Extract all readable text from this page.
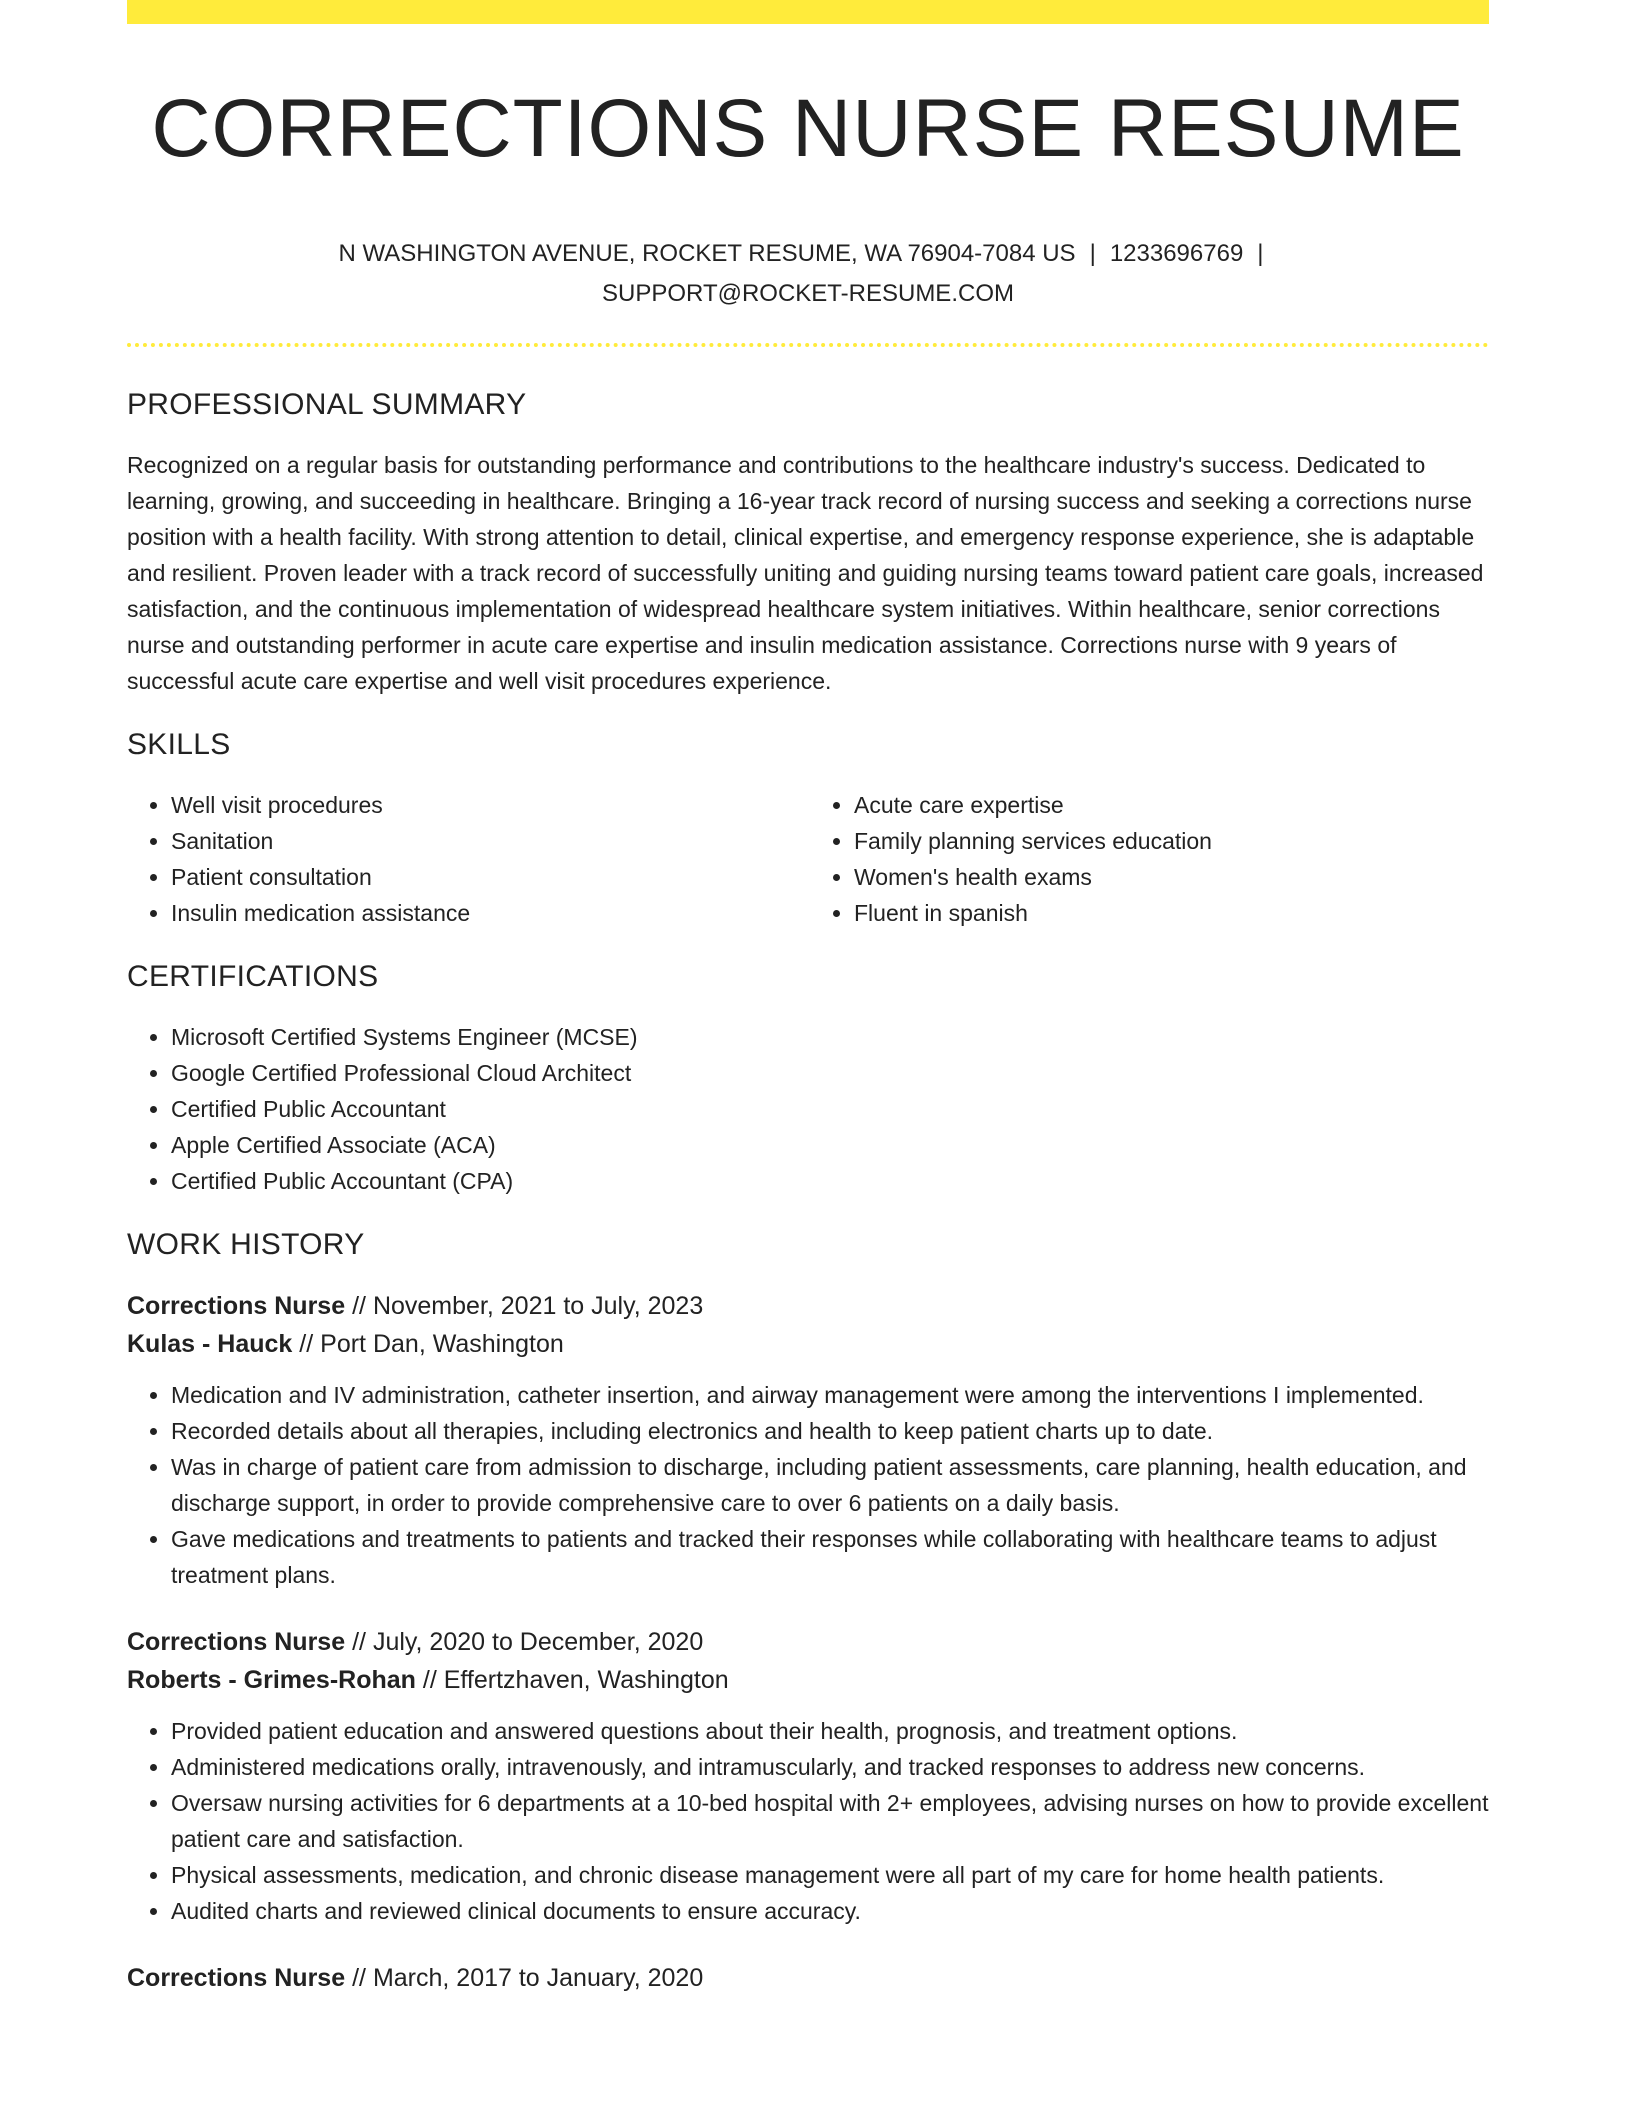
CORRECTIONS NURSE RESUME
N WASHINGTON AVENUE, ROCKET RESUME, WA 76904-7084 US | 1233696769 |
SUPPORT@ROCKET-RESUME.COM
PROFESSIONAL SUMMARY

Recognized on a regular basis for outstanding performance and contributions to the healthcare industry's success. Dedicated to learning, growing, and succeeding in healthcare. Bringing a 16-year track record of nursing success and seeking a corrections nurse position with a health facility. With strong attention to detail, clinical expertise, and emergency response experience, she is adaptable and resilient. Proven leader with a track record of successfully uniting and guiding nursing teams toward patient care goals, increased satisfaction, and the continuous implementation of widespread healthcare system initiatives. Within healthcare, senior corrections nurse and outstanding performer in acute care expertise and insulin medication assistance. Corrections nurse with 9 years of successful acute care expertise and well visit procedures experience.

SKILLS
• Well visit procedures
• Sanitation
• Patient consultation
• Insulin medication assistance
• Acute care expertise
• Family planning services education
• Women's health exams
• Fluent in spanish
CERTIFICATIONS
• Microsoft Certified Systems Engineer (MCSE)
• Google Certified Professional Cloud Architect
• Certified Public Accountant
• Apple Certified Associate (ACA)
• Certified Public Accountant (CPA)
WORK HISTORY
Corrections Nurse // November, 2021 to July, 2023
Kulas - Hauck // Port Dan, Washington
• Medication and IV administration, catheter insertion, and airway management were among the interventions I implemented.
• Recorded details about all therapies, including electronics and health to keep patient charts up to date.
• Was in charge of patient care from admission to discharge, including patient assessments, care planning, health education, and discharge support, in order to provide comprehensive care to over 6 patients on a daily basis.
• Gave medications and treatments to patients and tracked their responses while collaborating with healthcare teams to adjust treatment plans.
Corrections Nurse // July, 2020 to December, 2020
Roberts - Grimes-Rohan // Effertzhaven, Washington
• Provided patient education and answered questions about their health, prognosis, and treatment options.
• Administered medications orally, intravenously, and intramuscularly, and tracked responses to address new concerns.
• Oversaw nursing activities for 6 departments at a 10-bed hospital with 2+ employees, advising nurses on how to provide excellent patient care and satisfaction.
• Physical assessments, medication, and chronic disease management were all part of my care for home health patients.
• Audited charts and reviewed clinical documents to ensure accuracy.
Corrections Nurse // March, 2017 to January, 2020
